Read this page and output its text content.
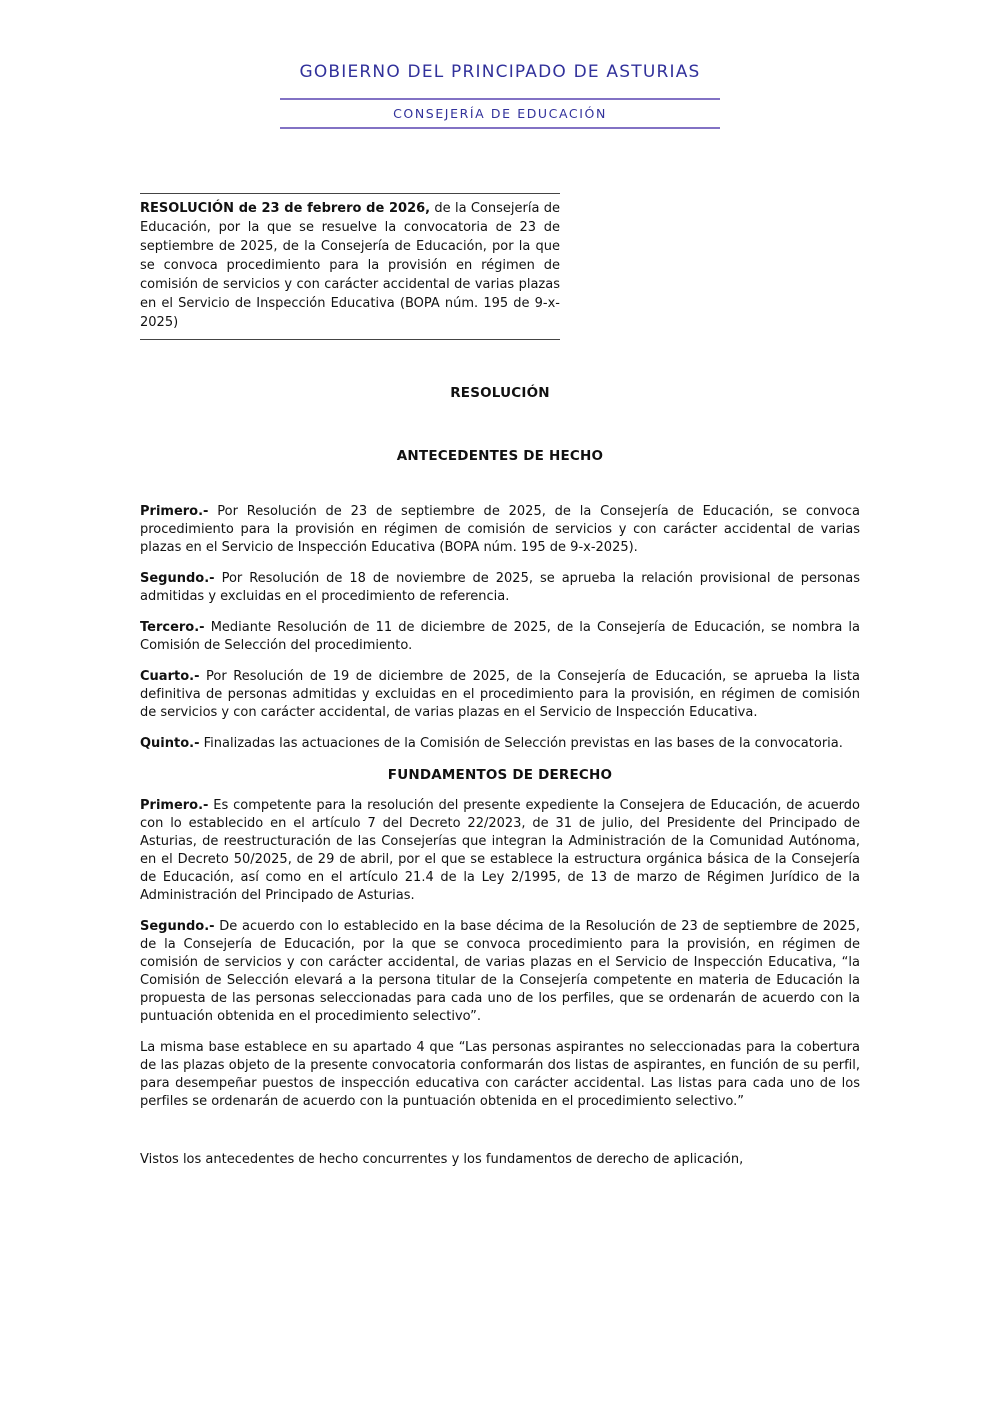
GOBIERNO DEL PRINCIPADO DE ASTURIAS
CONSEJERÍA DE EDUCACIÓN
RESOLUCIÓN de 23 de febrero de 2026, de la Consejería de Educación, por la que se resuelve la convocatoria de 23 de septiembre de 2025, de la Consejería de Educación, por la que se convoca procedimiento para la provisión en régimen de comisión de servicios y con carácter accidental de varias plazas en el Servicio de Inspección Educativa (BOPA núm. 195 de 9-x-2025)
RESOLUCIÓN
ANTECEDENTES DE HECHO

Primero.- Por Resolución de 23 de septiembre de 2025, de la Consejería de Educación, se convoca procedimiento para la provisión en régimen de comisión de servicios y con carácter accidental de varias plazas en el Servicio de Inspección Educativa (BOPA núm. 195 de 9-x-2025).

Segundo.- Por Resolución de 18 de noviembre de 2025, se aprueba la relación provisional de personas admitidas y excluidas en el procedimiento de referencia.

Tercero.- Mediante Resolución de 11 de diciembre de 2025, de la Consejería de Educación, se nombra la Comisión de Selección del procedimiento.

Cuarto.- Por Resolución de 19 de diciembre de 2025, de la Consejería de Educación, se aprueba la lista definitiva de personas admitidas y excluidas en el procedimiento para la provisión, en régimen de comisión de servicios y con carácter accidental, de varias plazas en el Servicio de Inspección Educativa.

Quinto.- Finalizadas las actuaciones de la Comisión de Selección previstas en las bases de la convocatoria.

FUNDAMENTOS DE DERECHO

Primero.- Es competente para la resolución del presente expediente la Consejera de Educación, de acuerdo con lo establecido en el artículo 7 del Decreto 22/2023, de 31 de julio, del Presidente del Principado de Asturias, de reestructuración de las Consejerías que integran la Administración de la Comunidad Autónoma, en el Decreto 50/2025, de 29 de abril, por el que se establece la estructura orgánica básica de la Consejería de Educación, así como en el artículo 21.4 de la Ley 2/1995, de 13 de marzo de Régimen Jurídico de la Administración del Principado de Asturias.

Segundo.- De acuerdo con lo establecido en la base décima de la Resolución de 23 de septiembre de 2025, de la Consejería de Educación, por la que se convoca procedimiento para la provisión, en régimen de comisión de servicios y con carácter accidental, de varias plazas en el Servicio de Inspección Educativa, “la Comisión de Selección elevará a la persona titular de la Consejería competente en materia de Educación la propuesta de las personas seleccionadas para cada uno de los perfiles, que se ordenarán de acuerdo con la puntuación obtenida en el procedimiento selectivo”.

La misma base establece en su apartado 4 que “Las personas aspirantes no seleccionadas para la cobertura de las plazas objeto de la presente convocatoria conformarán dos listas de aspirantes, en función de su perfil, para desempeñar puestos de inspección educativa con carácter accidental. Las listas para cada uno de los perfiles se ordenarán de acuerdo con la puntuación obtenida en el procedimiento selectivo.”

Vistos los antecedentes de hecho concurrentes y los fundamentos de derecho de aplicación,
